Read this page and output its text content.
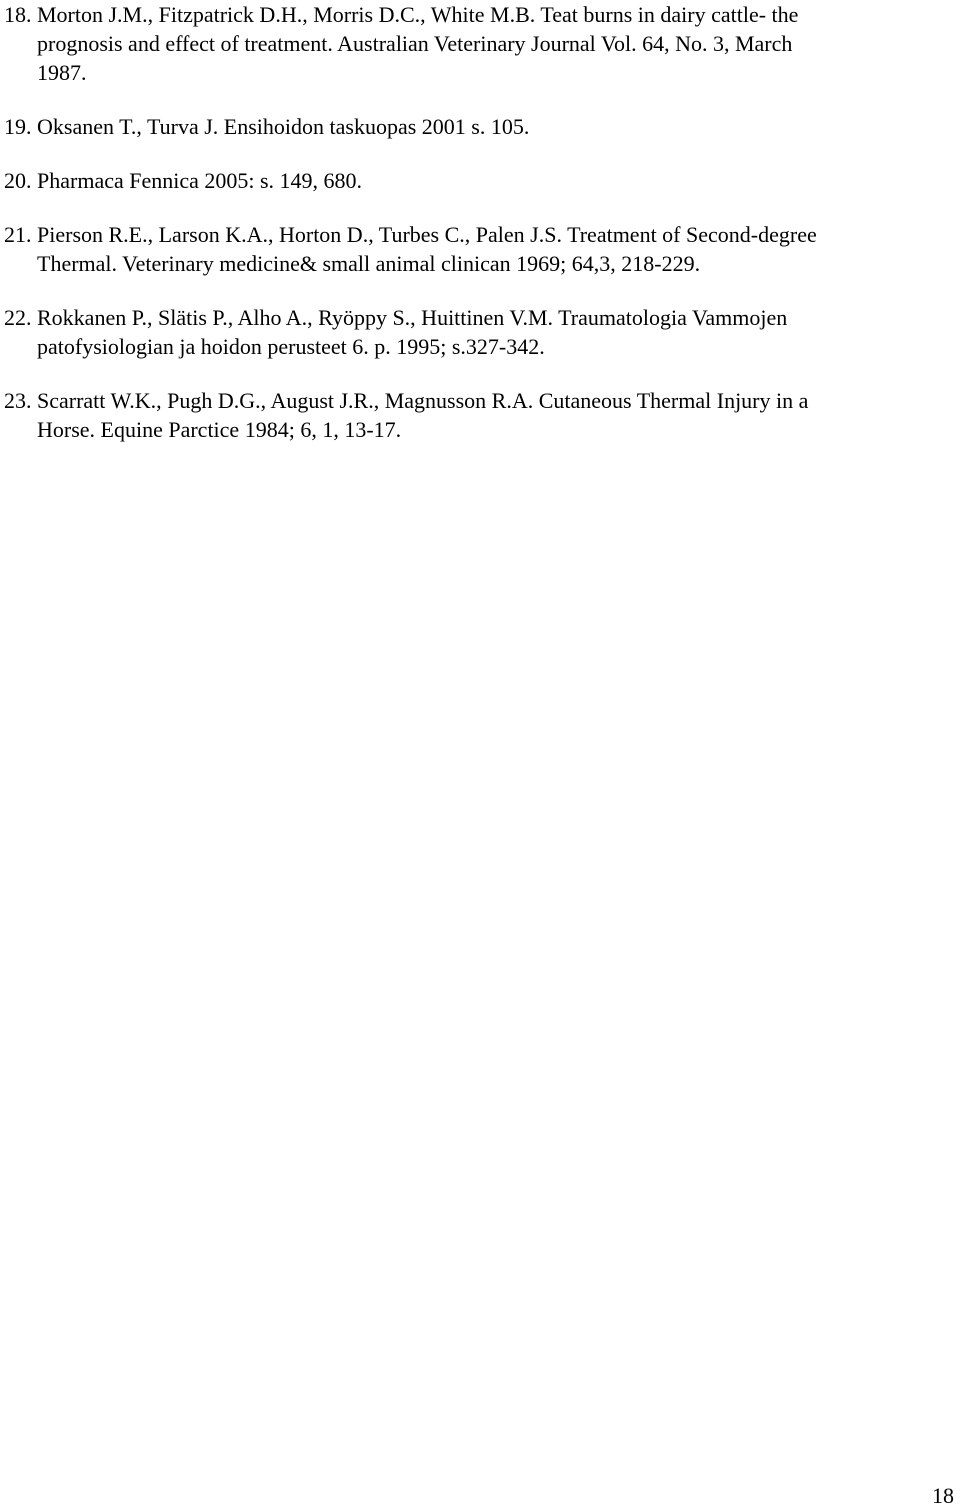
18. Morton J.M., Fitzpatrick D.H., Morris D.C., White M.B. Teat burns in dairy cattle- the
prognosis and effect of treatment. Australian Veterinary Journal Vol. 64, No. 3, March
1987.
19. Oksanen T., Turva J. Ensihoidon taskuopas 2001 s. 105.
20. Pharmaca Fennica 2005: s. 149, 680.
21. Pierson R.E., Larson K.A., Horton D., Turbes C., Palen J.S. Treatment of Second-degree
Thermal. Veterinary medicine& small animal clinican 1969; 64,3, 218-229.
22. Rokkanen P., Slätis P., Alho A., Ryöppy S., Huittinen V.M. Traumatologia Vammojen
patofysiologian ja hoidon perusteet 6. p. 1995; s.327-342.
23. Scarratt W.K., Pugh D.G., August J.R., Magnusson R.A. Cutaneous Thermal Injury in a
Horse. Equine Parctice 1984; 6, 1, 13-17.
18
